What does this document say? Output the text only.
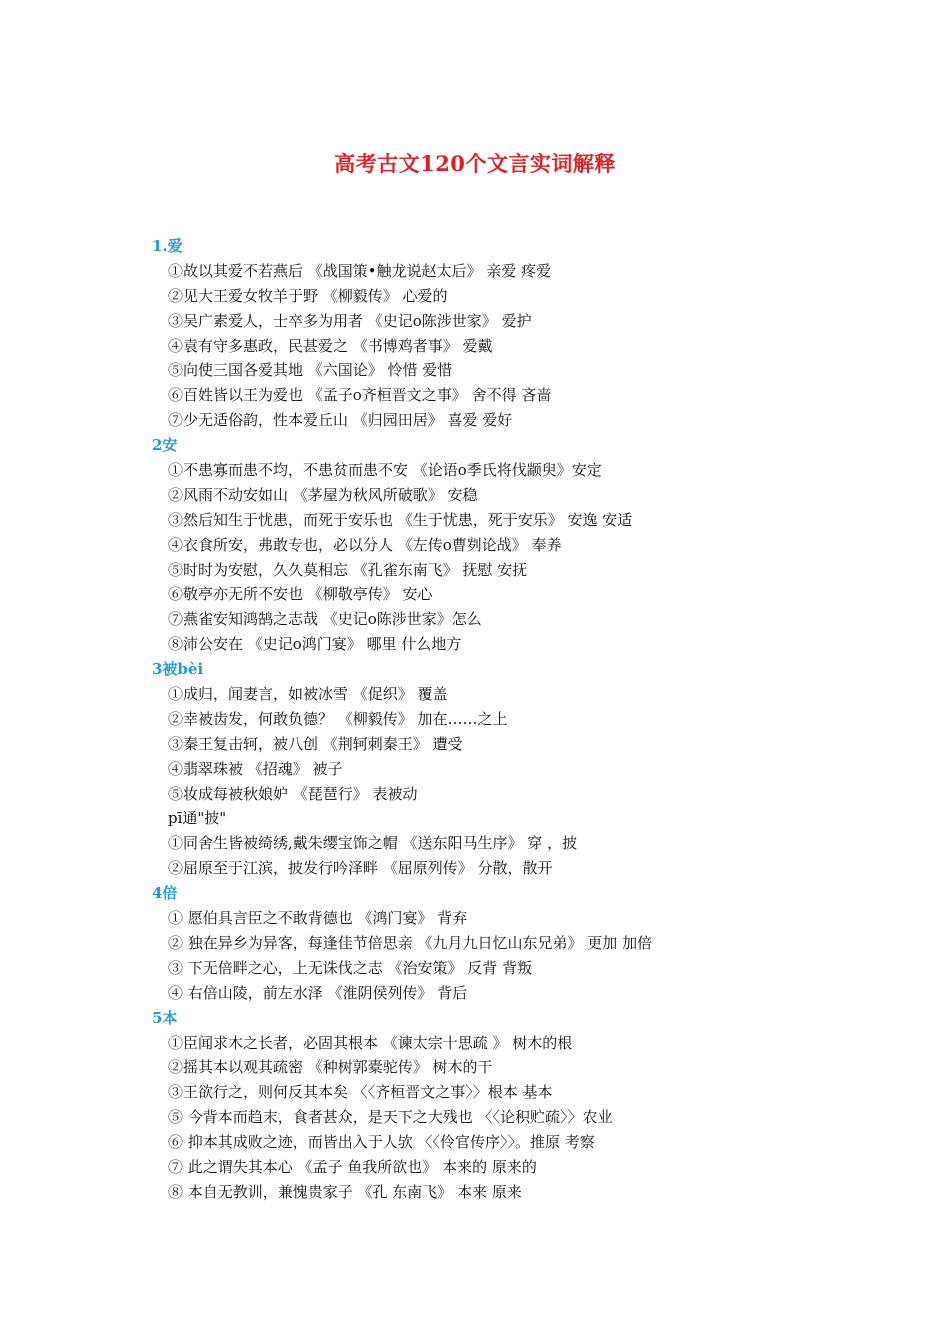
高考古文120个文言实词解释
1.爱
①故以其爱不若燕后 《战国策•触龙说赵太后》 亲爱 疼爱
②见大王爱女牧羊于野 《柳毅传》 心爱的
③吴广素爱人，士卒多为用者 《史记ο陈涉世家》 爱护
④袁有守多惠政，民甚爱之 《书博鸡者事》 爱戴
⑤向使三国各爱其地 《六国论》 怜惜 爱惜
⑥百姓皆以王为爱也 《孟子ο齐桓晋文之事》 舍不得 吝啬
⑦少无适俗韵，性本爱丘山 《归园田居》 喜爱 爱好
2安
①不患寡而患不均，不患贫而患不安 《论语ο季氏将伐颛臾》安定
②风雨不动安如山 《茅屋为秋风所破歌》 安稳
③然后知生于忧患，而死于安乐也 《生于忧患，死于安乐》 安逸 安适
④衣食所安，弗敢专也，必以分人 《左传ο曹刿论战》 奉养
⑤时时为安慰，久久莫相忘 《孔雀东南飞》 抚慰 安抚
⑥敬亭亦无所不安也 《柳敬亭传》 安心
⑦燕雀安知鸿鹄之志哉 《史记ο陈涉世家》怎么
⑧沛公安在 《史记ο鸿门宴》 哪里 什么地方
3被bèi
①成归，闻妻言，如被冰雪 《促织》 覆盖
②幸被齿发，何敢负德？ 《柳毅传》 加在……之上
③秦王复击轲，被八创 《荆轲刺秦王》 遭受
④翡翠珠被 《招魂》 被子
⑤妆成每被秋娘妒 《琵琶行》 表被动
pī通"披"
①同舍生皆被绮绣,戴朱缨宝饰之帽 《送东阳马生序》 穿 ，披
②屈原至于江滨，披发行吟泽畔 《屈原列传》 分散，散开
4倍
① 愿伯具言臣之不敢背德也 《鸿门宴》 背弃
② 独在异乡为异客，每逢佳节倍思亲 《九月九日忆山东兄弟》 更加 加倍
③ 下无倍畔之心，上无诛伐之志 《治安策》 反背 背叛
④ 右倍山陵，前左水泽 《淮阴侯列传》 背后
5本
①臣闻求木之长者，必固其根本 《谏太宗十思疏 》 树木的根
②摇其本以观其疏密 《种树郭橐驼传》 树木的干
③王欲行之，则何反其本矣 〈〈齐桓晋文之事〉〉根本 基本
⑤ 今背本而趋末，食者甚众，是天下之大残也 〈〈论积贮疏〉〉农业
⑥ 抑本其成败之迹，而皆出入于人欤 〈〈伶官传序〉〉。推原 考察
⑦ 此之谓失其本心 《孟子 鱼我所欲也》 本来的 原来的
⑧ 本自无教训，兼愧贵家子 《孔 东南飞》 本来 原来
